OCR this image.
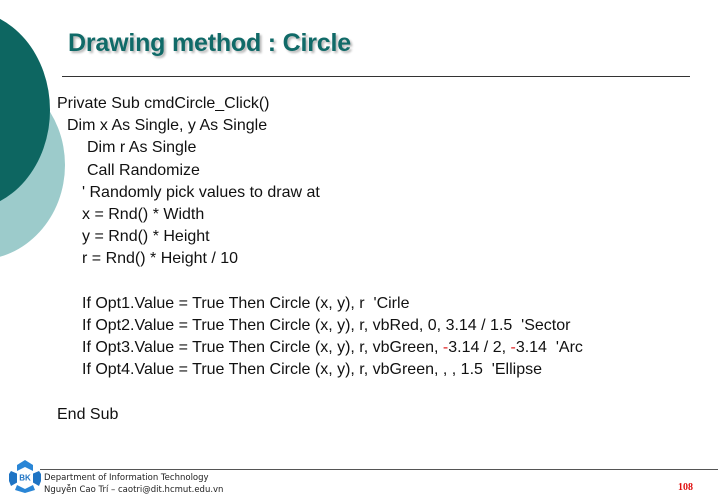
Drawing method : Circle
Private Sub cmdCircle_Click()
Dim x As Single, y As Single
Dim r As Single
Call Randomize
' Randomly pick values to draw at
x = Rnd() * Width
y = Rnd() * Height
r = Rnd() * Height / 10
If Opt1.Value = True Then Circle (x, y), r  'Cirle
If Opt2.Value = True Then Circle (x, y), r, vbRed, 0, 3.14 / 1.5  'Sector
If Opt3.Value = True Then Circle (x, y), r, vbGreen, -3.14 / 2, -3.14  'Arc
If Opt4.Value = True Then Circle (x, y), r, vbGreen, , , 1.5  'Ellipse
End Sub
BK Department of Information Technology
Nguyễn Cao Trí – caotri@dit.hcmut.edu.vn	108
